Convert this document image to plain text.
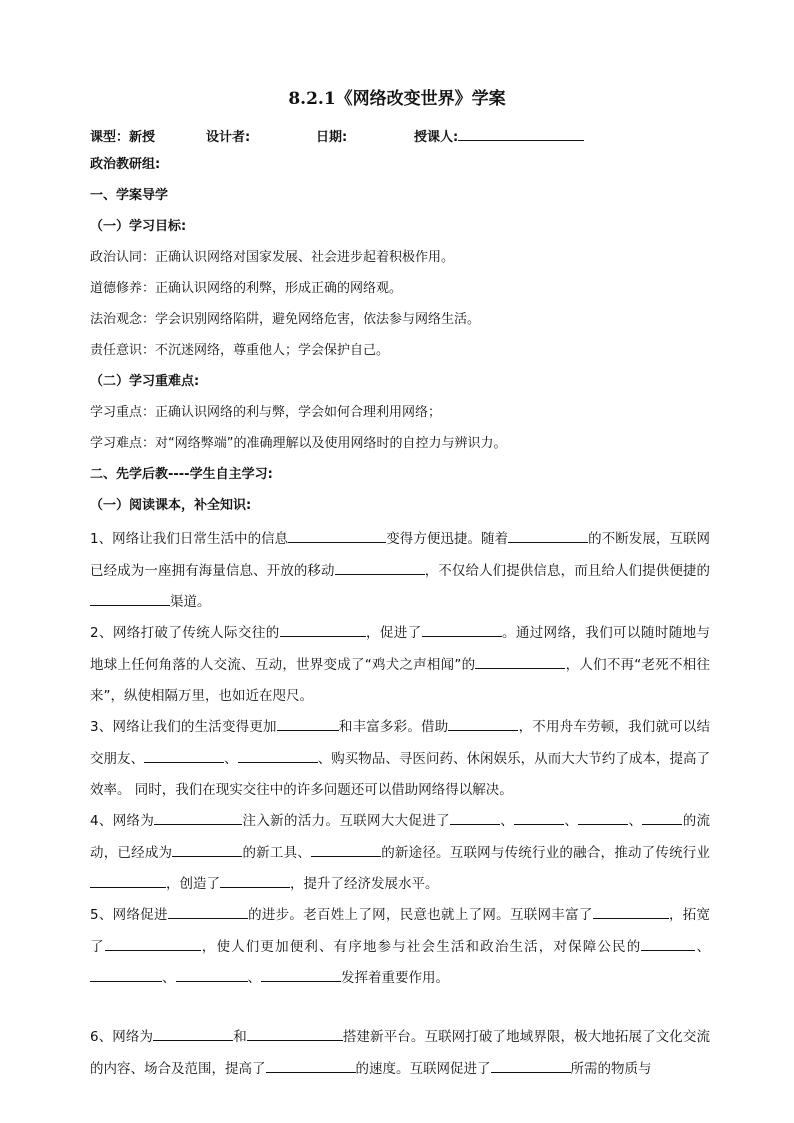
8.2.1《网络改变世界》学案
课型：新授	设计者:	日期:	授课人:
政治教研组:
一、学案导学
（一）学习目标:
政治认同：正确认识网络对国家发展、社会进步起着积极作用。
道德修养：正确认识网络的利弊，形成正确的网络观。
法治观念：学会识别网络陷阱，避免网络危害，依法参与网络生活。
责任意识：不沉迷网络，尊重他人；学会保护自己。
（二）学习重难点:
学习重点：正确认识网络的利与弊，学会如何合理利用网络；
学习难点：对“网络弊端”的准确理解以及使用网络时的自控力与辨识力。
二、先学后教----学生自主学习:
（一）阅读课本，补全知识:
1、网络让我们日常生活中的信息	变得方便迅捷。随着	的不断发展，互联网已经成为一座拥有海量信息、开放的移动	，不仅给人们提供信息，而且给人们提供便捷的渠道。
2、网络打破了传统人际交往的	，促进了	。通过网络，我们可以随时随地与地球上任何角落的人交流、互动，世界变成了“鸡犬之声相闻”的	，人们不再“老死不相往来”，纵使相隔万里，也如近在咫尺。
3、网络让我们的生活变得更加	和丰富多彩。借助	，不用舟车劳顿，我们就可以结交朋友、	、	、购买物品、寻医问药、休闲娱乐，从而大大节约了成本，提高了效率。 同时，我们在现实交往中的许多问题还可以借助网络得以解决。
4、网络为	注入新的活力。互联网大大促进了	、	、	、	的流动，已经成为	的新工具、	的新途径。互联网与传统行业的融合，推动了传统行业，创造了	，提升了经济发展水平。
5、网络促进	的进步。老百姓上了网，民意也就上了网。互联网丰富了	，拓宽了	，使人们更加便利、有序地参与社会生活和政治生活，对保障公民的	、、	、	发挥着重要作用。
6、网络为	和	搭建新平台。互联网打破了地域界限，极大地拓展了文化交流的内容、场合及范围，提高了	的速度。互联网促进了	所需的物质与
